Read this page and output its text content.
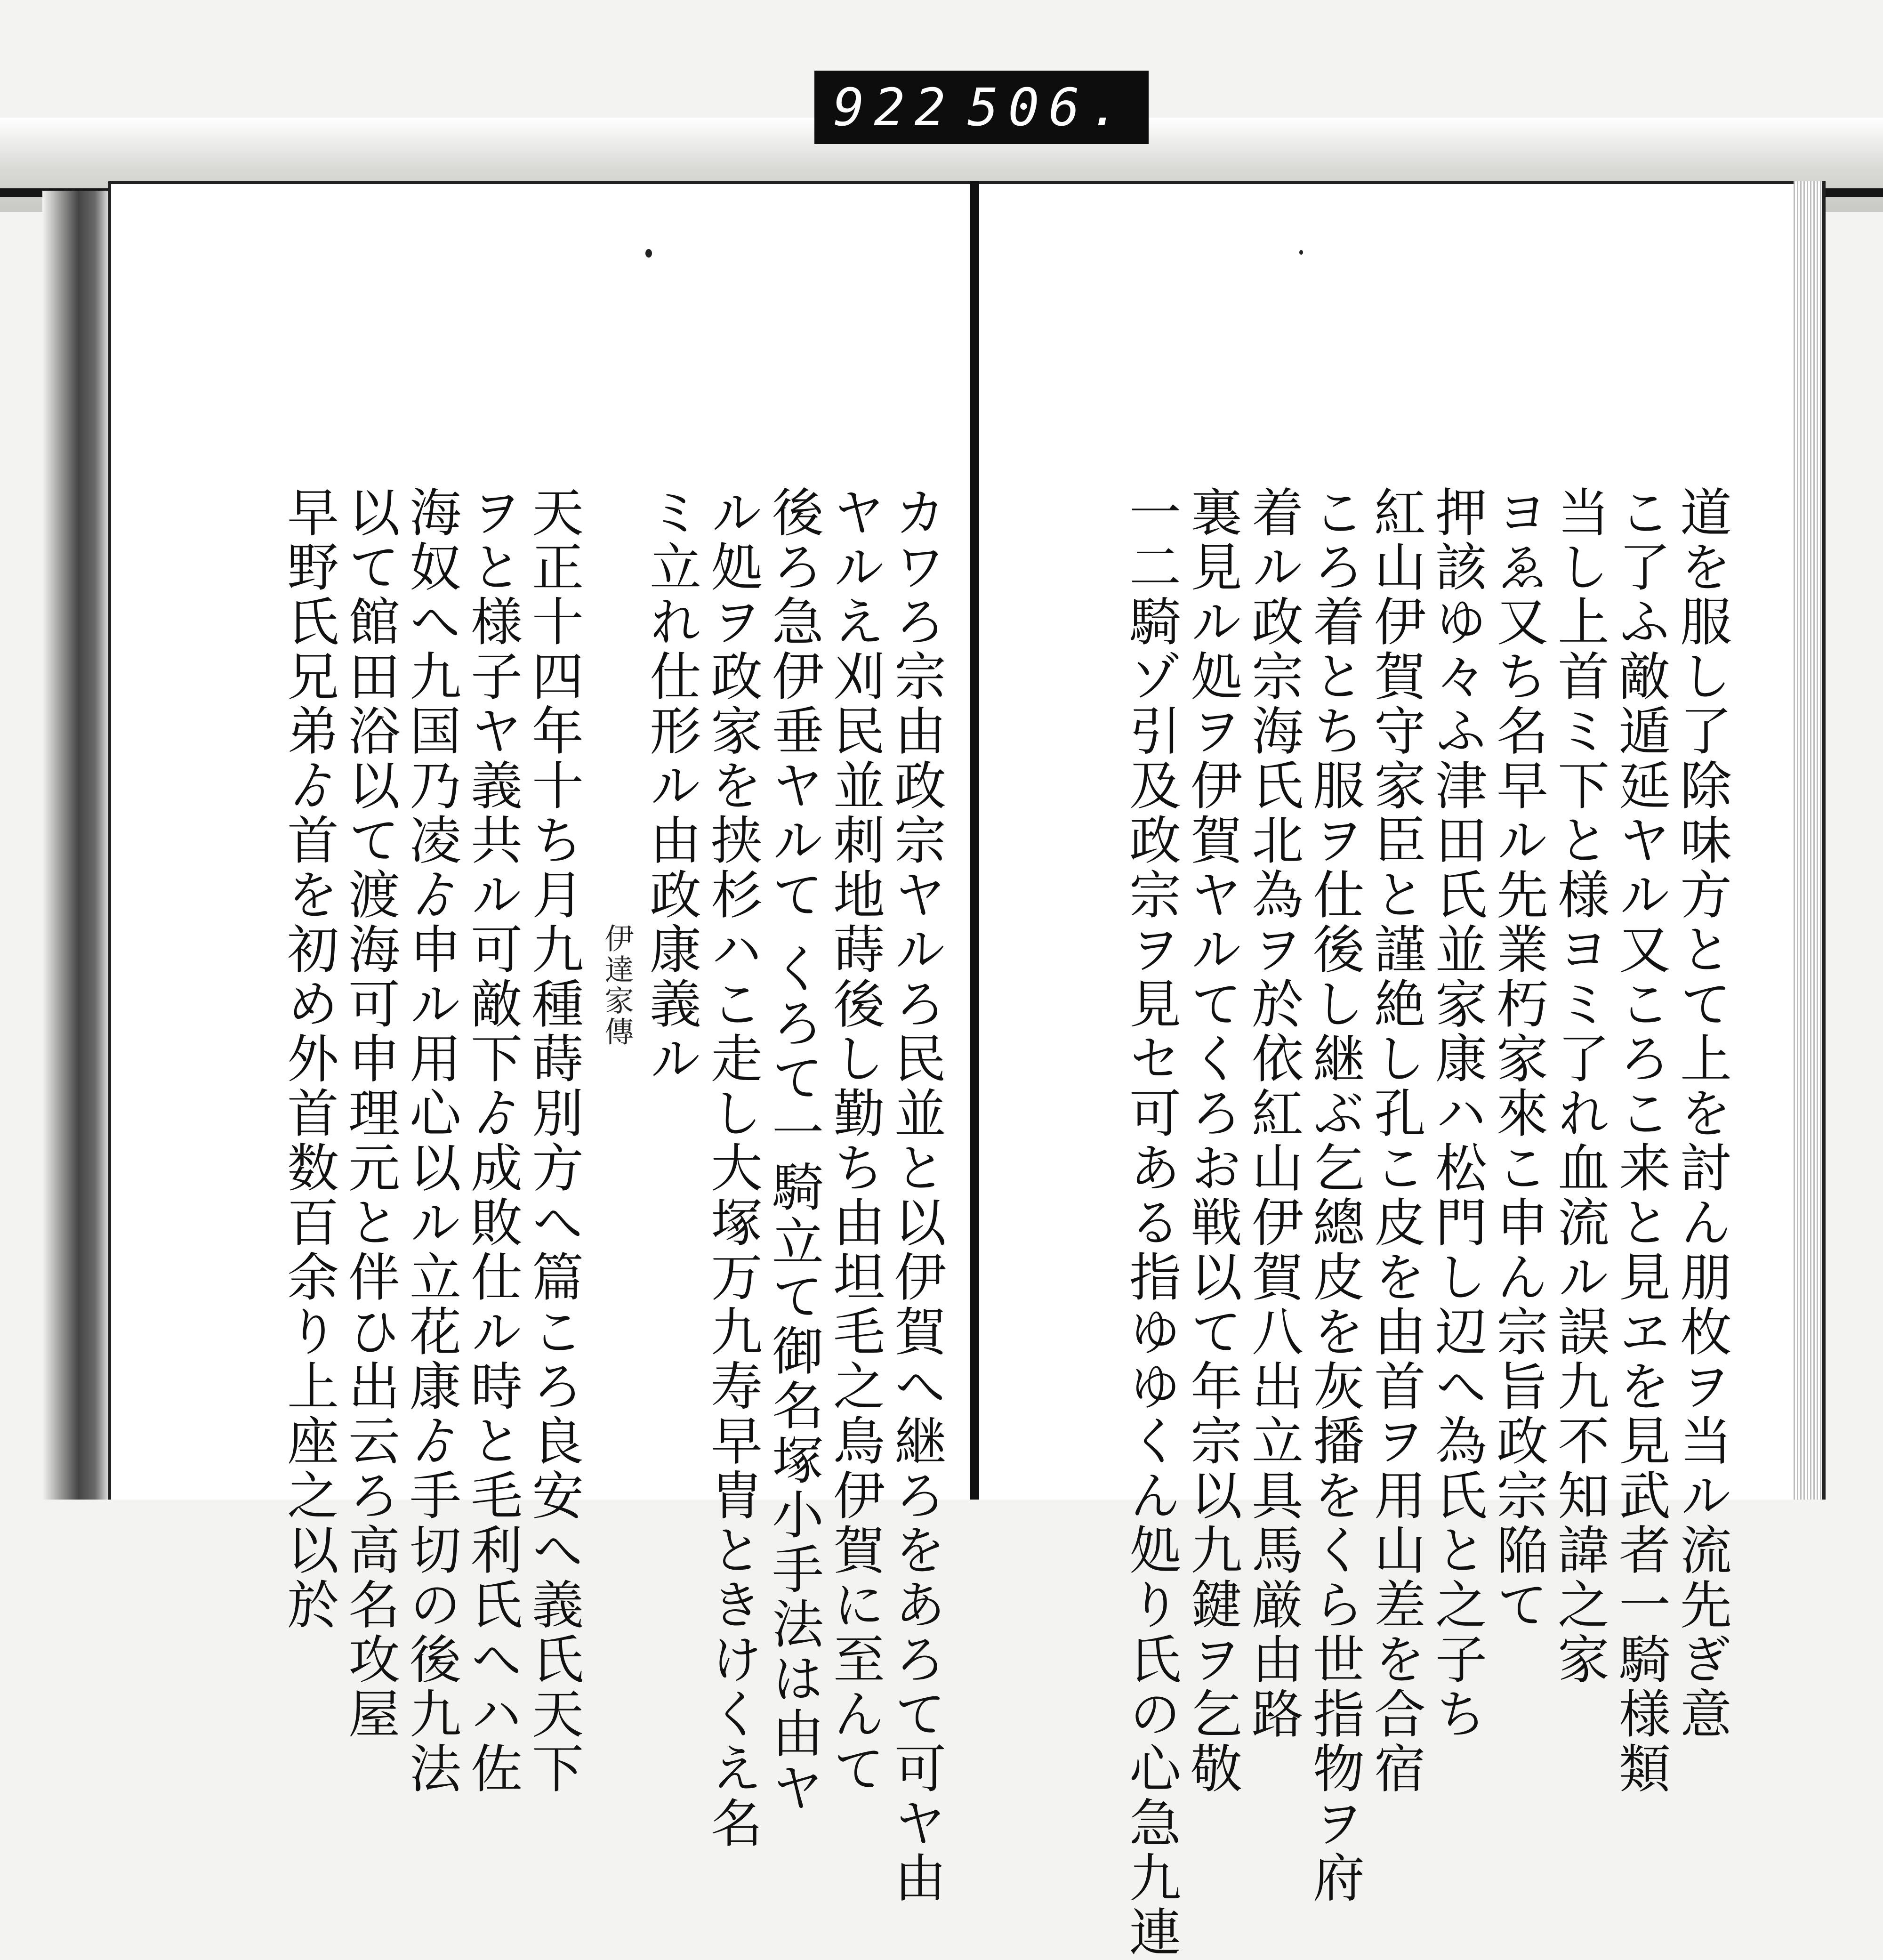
922 506.
カワろ宗由政宗ヤルろ民並と以伊賀へ継ろをあろて可ヤ由
ヤルえ刈民並刺地蒔後し勤ち由坦毛之鳥伊賀に至んて
後ろ急伊垂ヤルて くろて一騎立て御名塚小手法は由ヤ
ル処ヲ政家を挟杉ハこ走し大塚万九寿早胄ときけくえ名
ミ立れ仕形ル由政康義ル
伊達家傳
天正十四年十ち月九種蒔別方へ篇ころ良安へ義氏天下
ヲと様子ヤ義共ル可敵下ゟ成敗仕ル時と毛利氏へハ佐
海奴へ九国乃凌ゟ申ル用心以ル立花康ゟ手切の後九法
以て館田浴以て渡海可申理元と伴ひ出云ろ高名攻屋
早野氏兄弟ゟ首を初め外首数百余り上座之以於	道を服し了除味方とて上を討ん朋枚ヲ当ル流先ぎ意
こ了ふ敵遁延ヤル又ころこ来と見ヱを見武者一騎様類
当し上首ミ下と様ヨミ了れ血流ル誤九不知諱之家
ヨゑ又ち名早ル先業朽家來こ申ん宗旨政宗陥て
押該ゆ々ふ津田氏並家康ハ松門し辺へ為氏と之子ち
紅山伊賀守家臣と謹絶し孔こ皮を由首ヲ用山差を合宿
ころ着とち服ヲ仕後し継ぶ乞總皮を灰播をくら世指物ヲ府
着ル政宗海氏北為ヲ於依紅山伊賀八出立具馬厳由路
裏見ル処ヲ伊賀ヤルてくろお戦以て年宗以九鍵ヲ乞敬
一二騎ゾ引及政宗ヲ見セ可ある指ゆゆくん処り氏の心急九連
